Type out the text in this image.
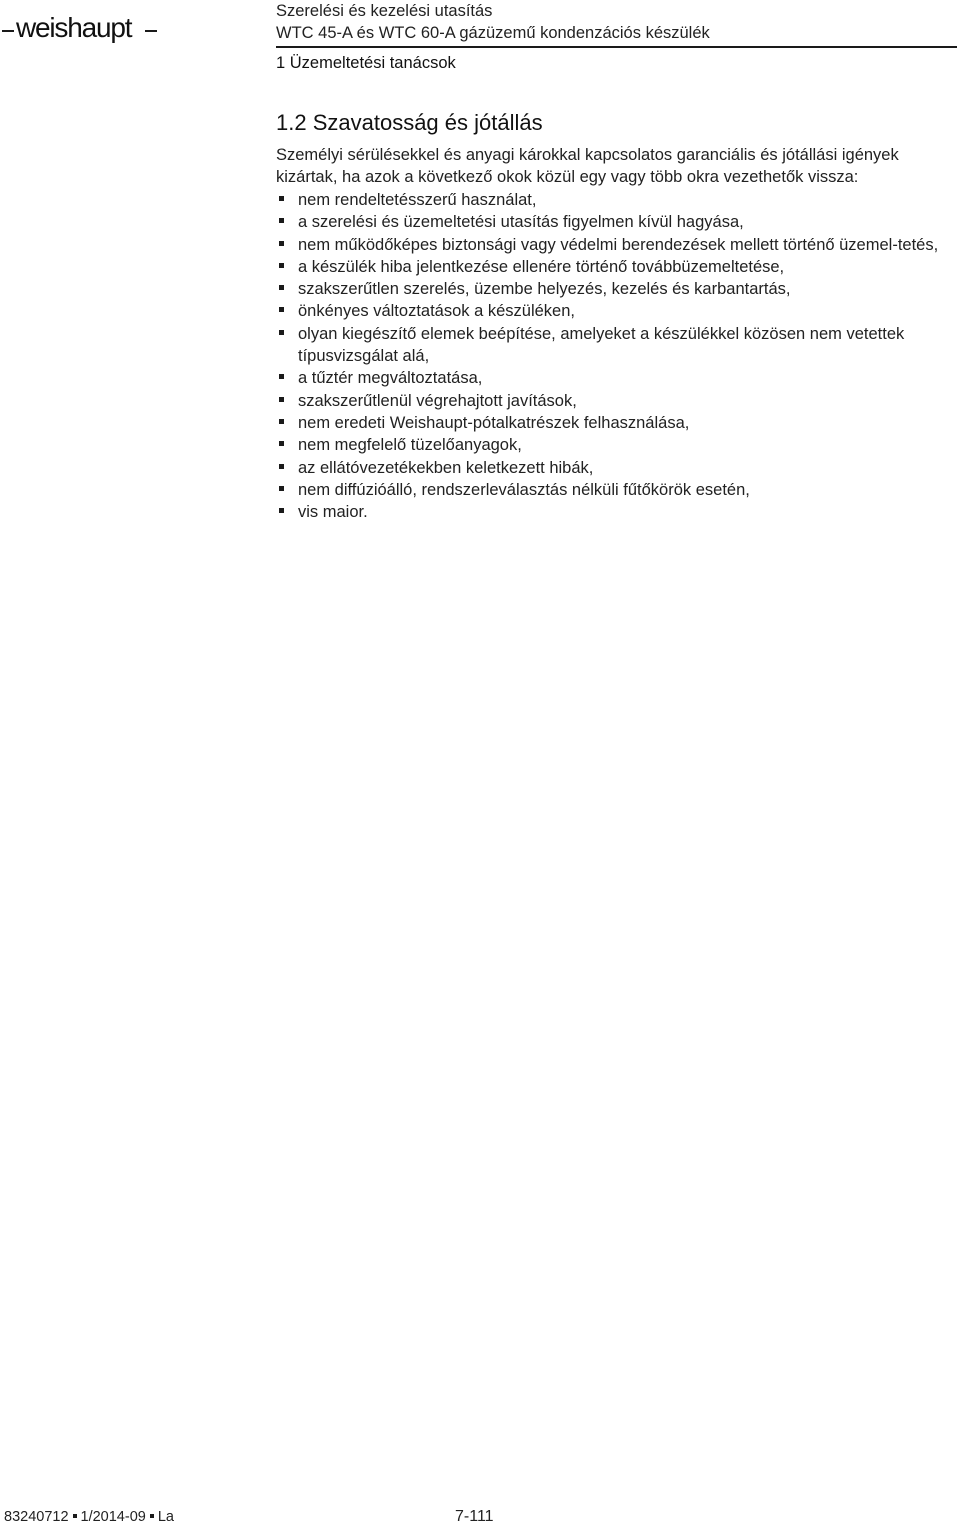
weishaupt
Szerelési és kezelési utasítás
WTC 45-A és WTC 60-A gázüzemű kondenzációs készülék
1 Üzemeltetési tanácsok
1.2 Szavatosság és jótállás

Személyi sérülésekkel és anyagi károkkal kapcsolatos garanciális és jótállási igények kizártak, ha azok a következő okok közül egy vagy több okra vezethetők vissza:

nem rendeltetésszerű használat,
a szerelési és üzemeltetési utasítás figyelmen kívül hagyása,
nem működőképes biztonsági vagy védelmi berendezések mellett történő üzemel-tetés,
a készülék hiba jelentkezése ellenére történő továbbüzemeltetése,
szakszerűtlen szerelés, üzembe helyezés, kezelés és karbantartás,
önkényes változtatások a készüléken,
olyan kiegészítő elemek beépítése, amelyeket a készülékkel közösen nem vetettek típusvizsgálat alá,
a tűztér megváltoztatása,
szakszerűtlenül végrehajtott javítások,
nem eredeti Weishaupt-pótalkatrészek felhasználása,
nem megfelelő tüzelőanyagok,
az ellátóvezetékekben keletkezett hibák,
nem diffúzióálló, rendszerleválasztás nélküli fűtőkörök esetén,
vis maior.
83240712 1/2014-09 La	7-111
